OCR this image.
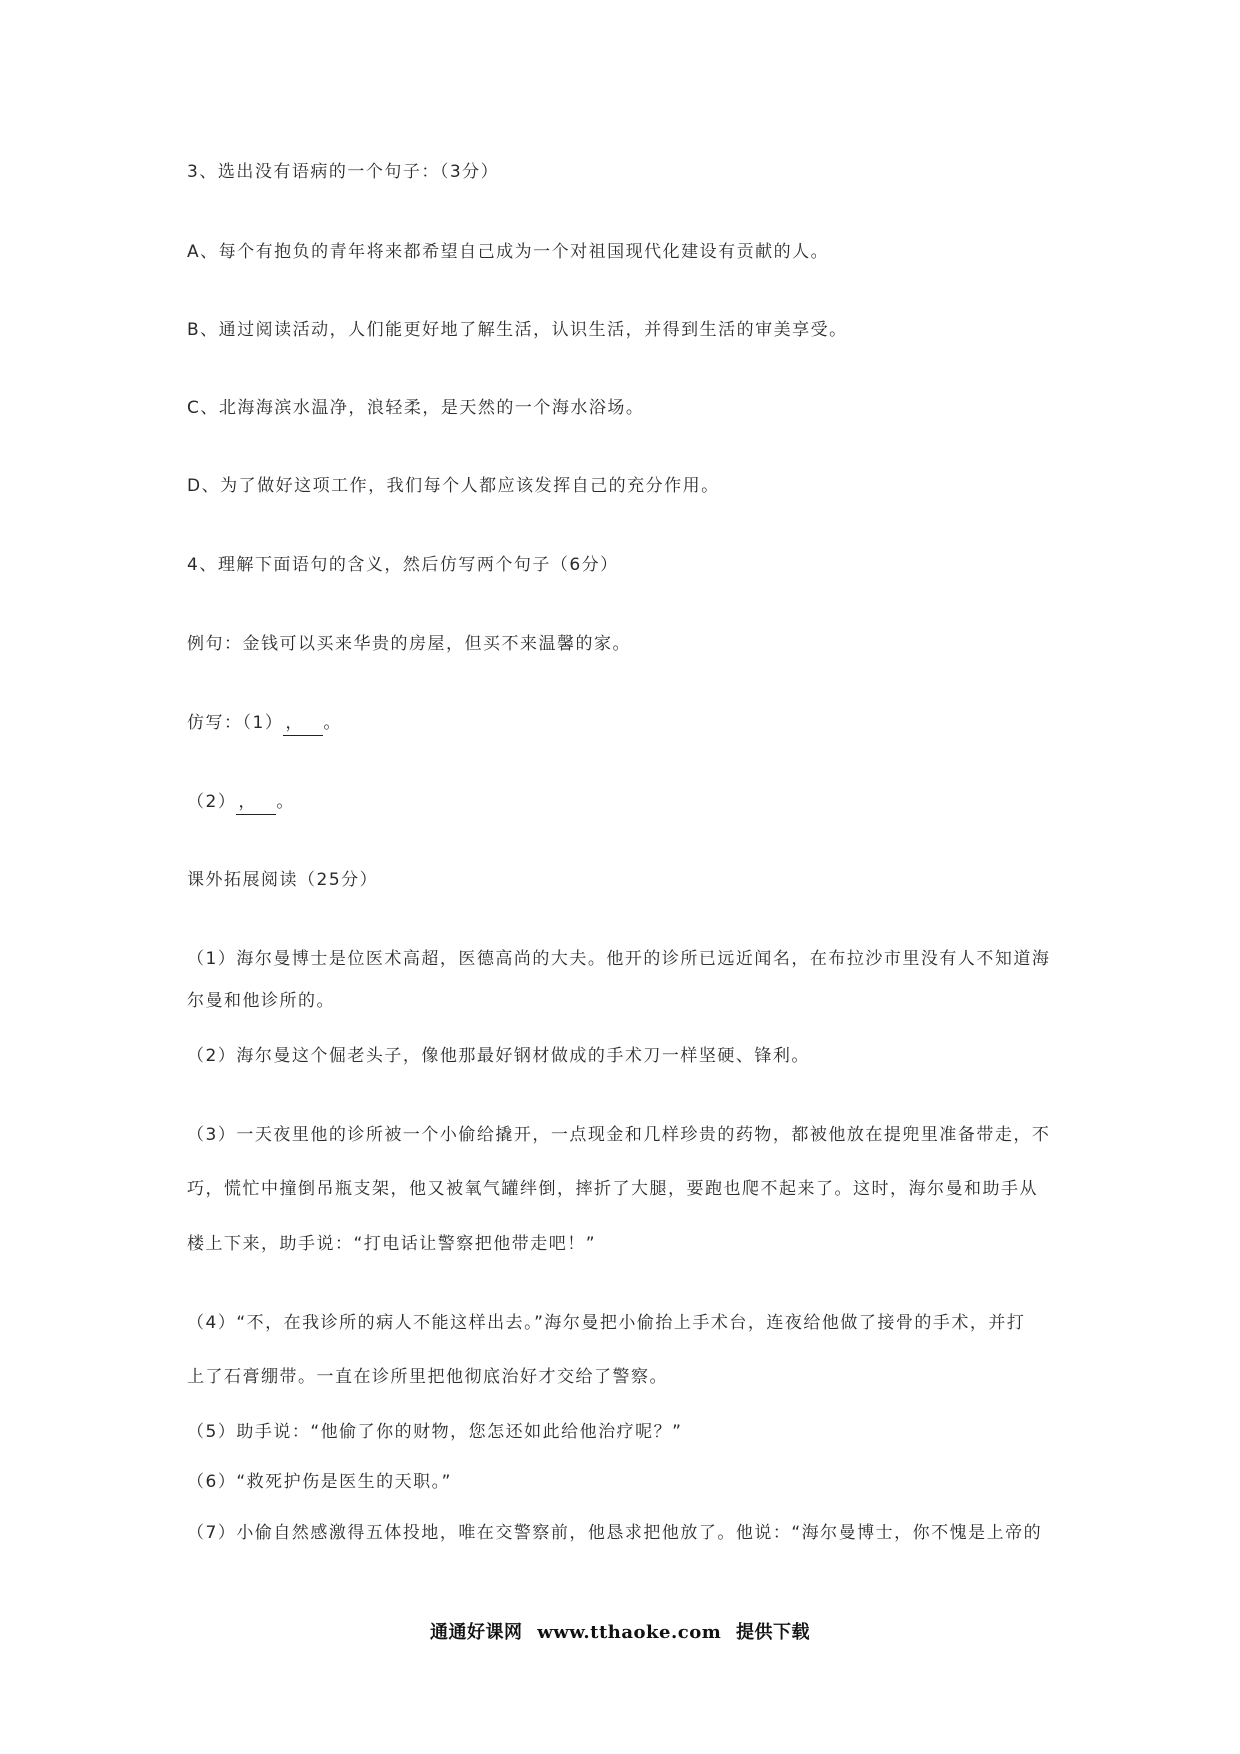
3、选出没有语病的一个句子：（3分）
A、每个有抱负的青年将来都希望自己成为一个对祖国现代化建设有贡献的人。
B、通过阅读活动，人们能更好地了解生活，认识生活，并得到生活的审美享受。
C、北海海滨水温净，浪轻柔，是天然的一个海水浴场。
D、为了做好这项工作，我们每个人都应该发挥自己的充分作用。
4、理解下面语句的含义，然后仿写两个句子（6分）
例句：金钱可以买来华贵的房屋，但买不来温馨的家。
仿写：（1） ， 。
（2） ， 。
课外拓展阅读（25分）
（1）海尔曼博士是位医术高超，医德高尚的大夫。他开的诊所已远近闻名，在布拉沙市里没有人不知道海
尔曼和他诊所的。
（2）海尔曼这个倔老头子，像他那最好钢材做成的手术刀一样坚硬、锋利。
（3）一天夜里他的诊所被一个小偷给撬开，一点现金和几样珍贵的药物，都被他放在提兜里准备带走，不
巧，慌忙中撞倒吊瓶支架，他又被氧气罐绊倒，摔折了大腿，要跑也爬不起来了。这时，海尔曼和助手从
楼上下来，助手说：“打电话让警察把他带走吧！”
（4）“不，在我诊所的病人不能这样出去。”海尔曼把小偷抬上手术台，连夜给他做了接骨的手术，并打
上了石膏绷带。一直在诊所里把他彻底治好才交给了警察。
（5）助手说：“他偷了你的财物，您怎还如此给他治疗呢？”
（6）“救死护伤是医生的天职。”
（7）小偷自然感激得五体投地，唯在交警察前，他恳求把他放了。他说：“海尔曼博士，你不愧是上帝的
通通好课网 www.tthaoke.com 提供下载
